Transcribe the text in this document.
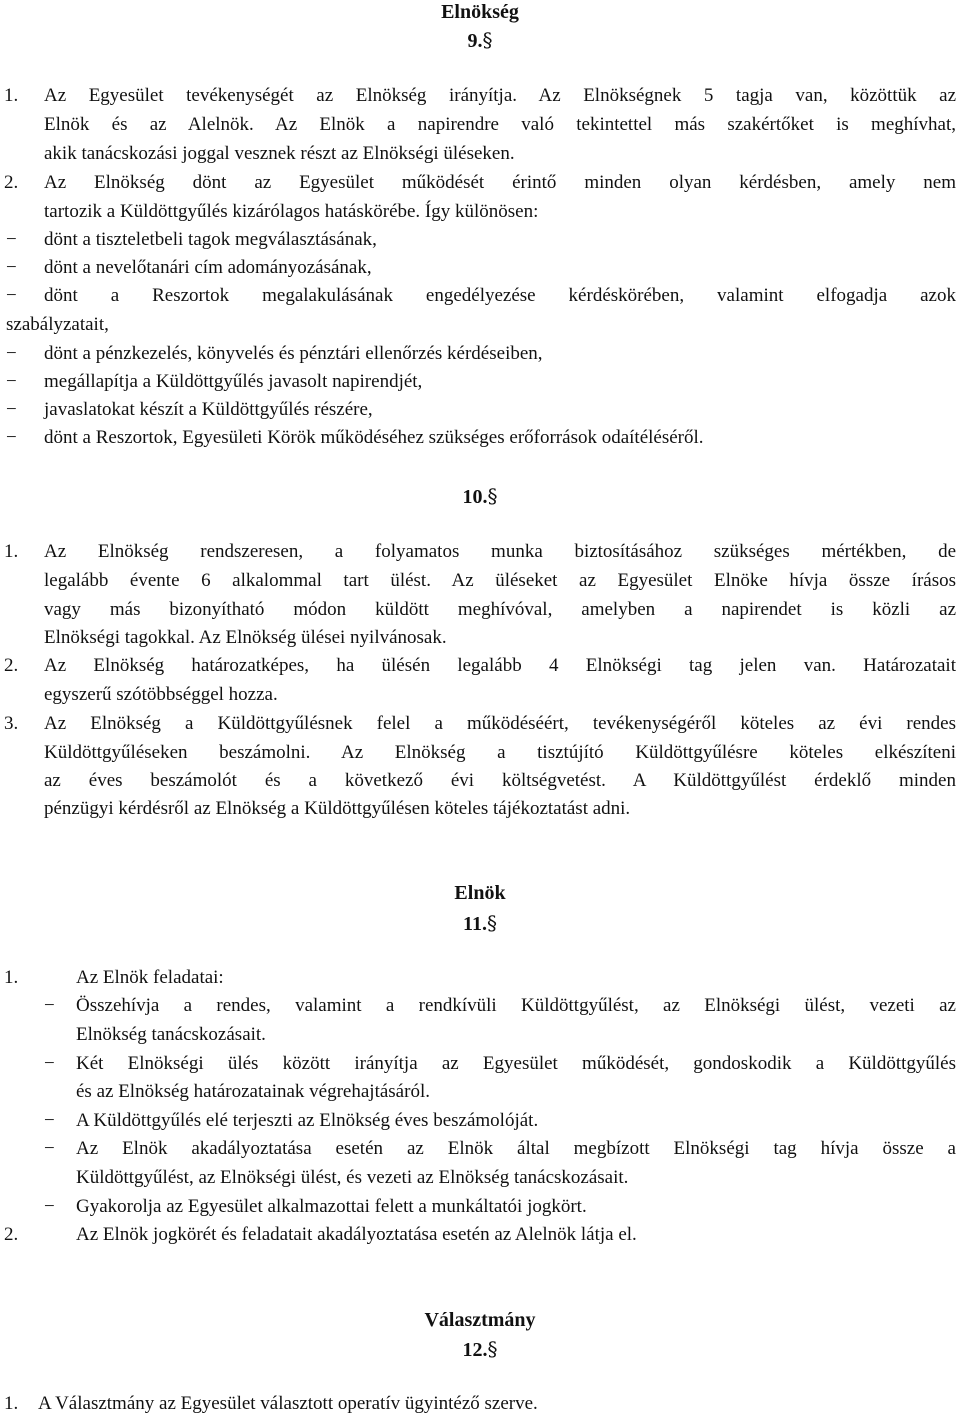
Elnökség
9.§
1. Az Egyesület tevékenységét az Elnökség irányítja. Az Elnökségnek 5 tagja van, közöttük az
Elnök és az Alelnök. Az Elnök a napirendre való tekintettel más szakértőket is meghívhat,
akik tanácskozási joggal vesznek részt az Elnökségi üléseken.
2. Az Elnökség dönt az Egyesület működését érintő minden olyan kérdésben, amely nem
tartozik a Küldöttgyűlés kizárólagos hatáskörébe. Így különösen:
− dönt a tiszteletbeli tagok megválasztásának,
− dönt a nevelőtanári cím adományozásának,
− dönt a Reszortok megalakulásának engedélyezése kérdéskörében, valamint elfogadja azok
szabályzatait,
− dönt a pénzkezelés, könyvelés és pénztári ellenőrzés kérdéseiben,
− megállapítja a Küldöttgyűlés javasolt napirendjét,
− javaslatokat készít a Küldöttgyűlés részére,
− dönt a Reszortok, Egyesületi Körök működéséhez szükséges erőforrások odaítéléséről.
10.§
1. Az Elnökség rendszeresen, a folyamatos munka biztosításához szükséges mértékben, de
legalább évente 6 alkalommal tart ülést. Az üléseket az Egyesület Elnöke hívja össze írásos
vagy más bizonyítható módon küldött meghívóval, amelyben a napirendet is közli az
Elnökségi tagokkal. Az Elnökség ülései nyilvánosak.
2. Az Elnökség határozatképes, ha ülésén legalább 4 Elnökségi tag jelen van. Határozatait
egyszerű szótöbbséggel hozza.
3. Az Elnökség a Küldöttgyűlésnek felel a működéséért, tevékenységéről köteles az évi rendes
Küldöttgyűléseken beszámolni. Az Elnökség a tisztújító Küldöttgyűlésre köteles elkészíteni
az éves beszámolót és a következő évi költségvetést. A Küldöttgyűlést érdeklő minden
pénzügyi kérdésről az Elnökség a Küldöttgyűlésen köteles tájékoztatást adni.
Elnök
11.§
1.	Az Elnök feladatai:
− Összehívja a rendes, valamint a rendkívüli Küldöttgyűlést, az Elnökségi ülést, vezeti az
Elnökség tanácskozásait.
− Két Elnökségi ülés között irányítja az Egyesület működését, gondoskodik a Küldöttgyűlés
és az Elnökség határozatainak végrehajtásáról.
− A Küldöttgyűlés elé terjeszti az Elnökség éves beszámolóját.
− Az Elnök akadályoztatása esetén az Elnök által megbízott Elnökségi tag hívja össze a
Küldöttgyűlést, az Elnökségi ülést, és vezeti az Elnökség tanácskozásait.
− Gyakorolja az Egyesület alkalmazottai felett a munkáltatói jogkört.
2.	Az Elnök jogkörét és feladatait akadályoztatása esetén az Alelnök látja el.
Választmány
12.§
1. A Választmány az Egyesület választott operatív ügyintéző szerve.
